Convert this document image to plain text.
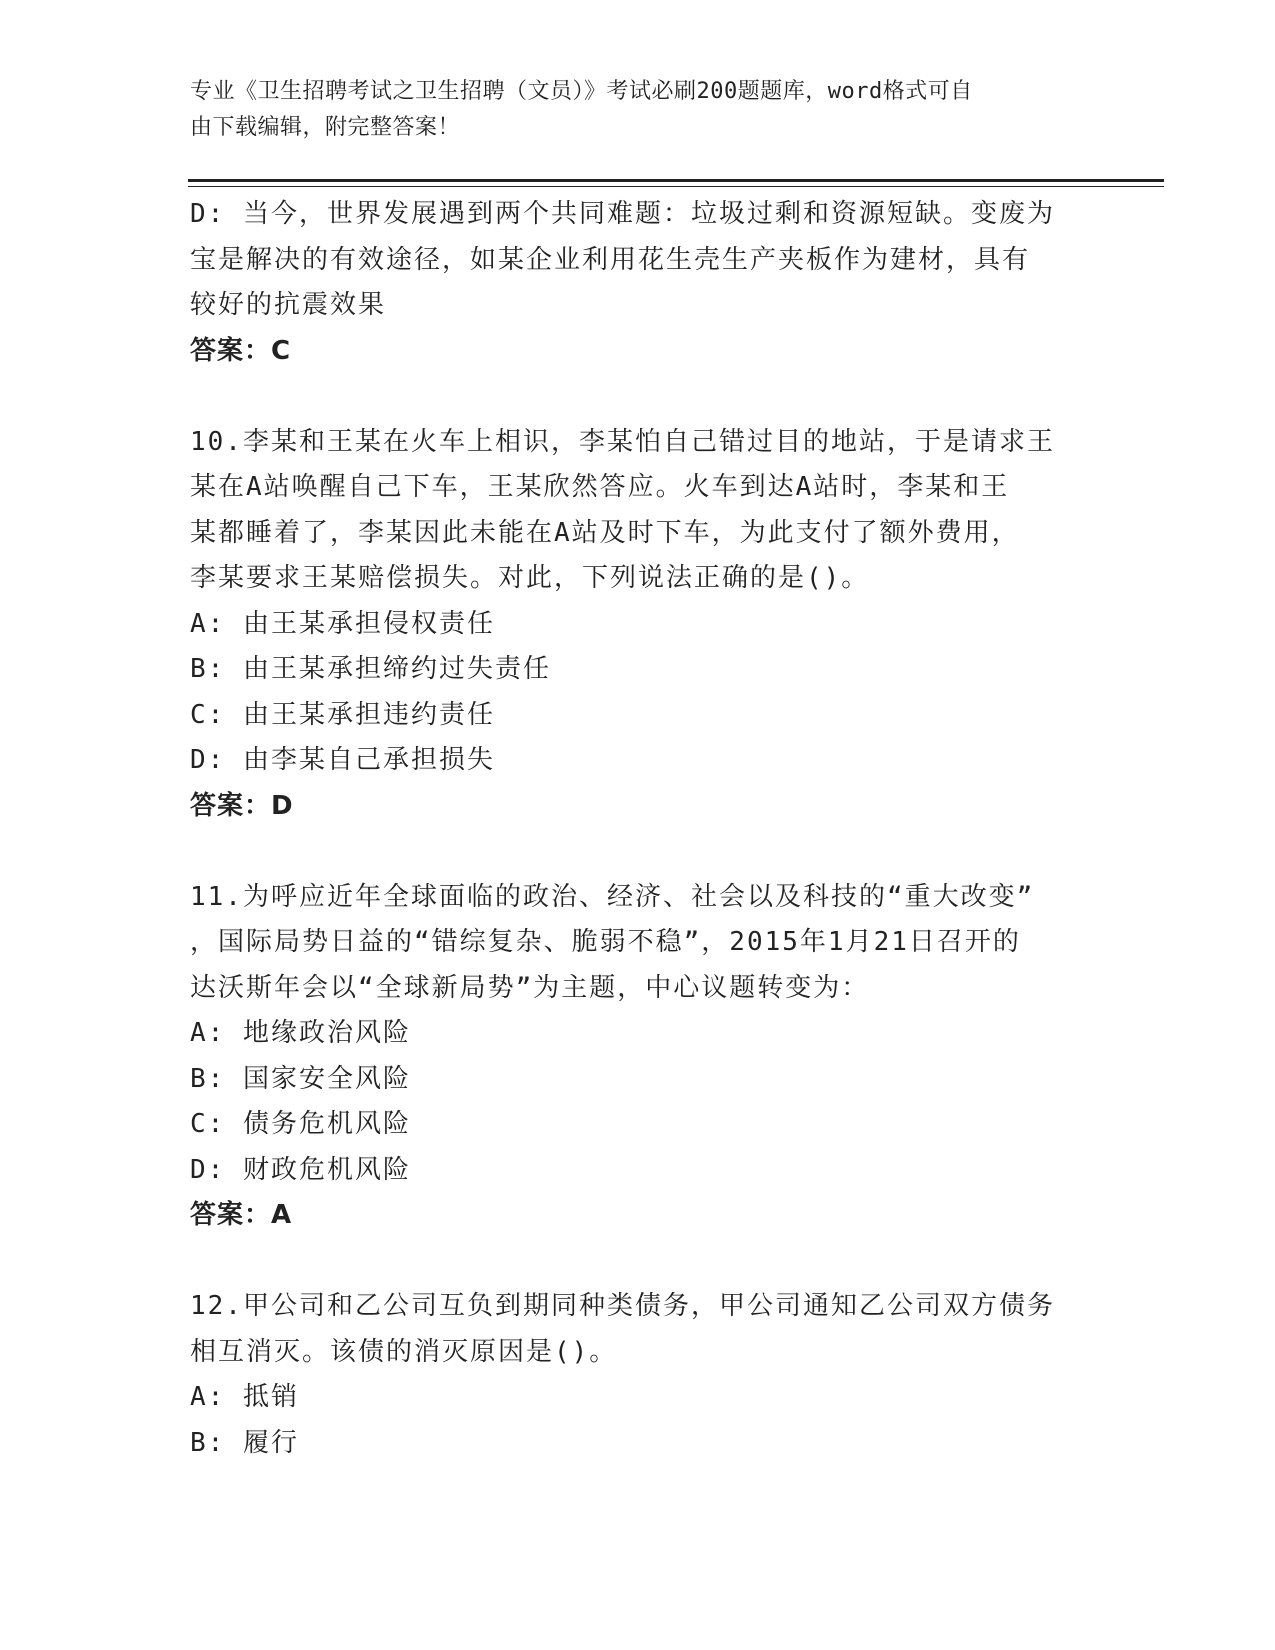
专业《卫生招聘考试之卫生招聘（文员）》考试必刷200题题库，word格式可自
由下载编辑，附完整答案！
D: 当今，世界发展遇到两个共同难题：垃圾过剩和资源短缺。变废为
宝是解决的有效途径，如某企业利用花生壳生产夹板作为建材，具有
较好的抗震效果
答案：C
10.李某和王某在火车上相识，李某怕自己错过目的地站，于是请求王
某在A站唤醒自己下车，王某欣然答应。火车到达A站时，李某和王
某都睡着了，李某因此未能在A站及时下车，为此支付了额外费用，
李某要求王某赔偿损失。对此，下列说法正确的是()。
A: 由王某承担侵权责任
B: 由王某承担缔约过失责任
C: 由王某承担违约责任
D: 由李某自己承担损失
答案：D
11.为呼应近年全球面临的政治、经济、社会以及科技的“重大改变”
，国际局势日益的“错综复杂、脆弱不稳”，2015年1月21日召开的
达沃斯年会以“全球新局势”为主题，中心议题转变为：
A: 地缘政治风险
B: 国家安全风险
C: 债务危机风险
D: 财政危机风险
答案：A
12.甲公司和乙公司互负到期同种类债务，甲公司通知乙公司双方债务
相互消灭。该债的消灭原因是()。
A: 抵销
B: 履行
